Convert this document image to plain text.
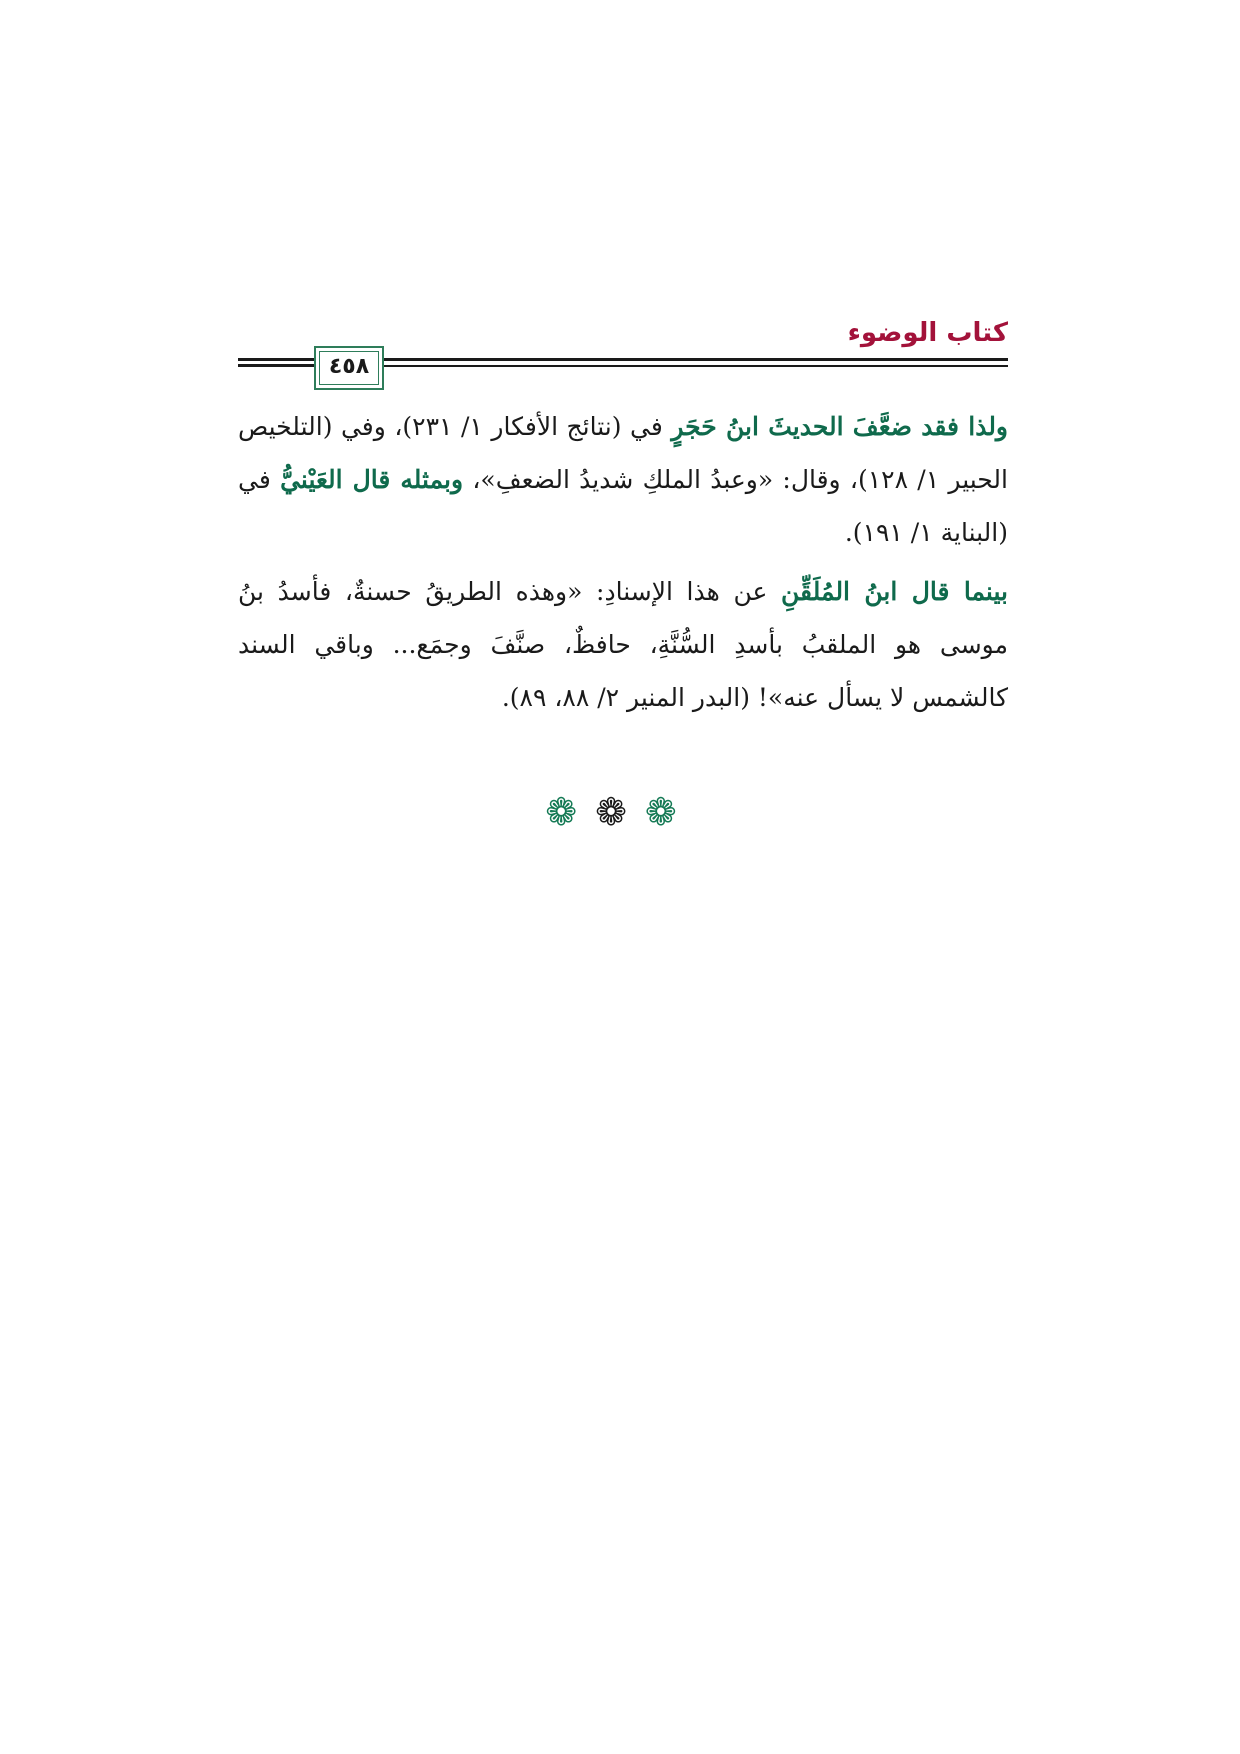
كتاب الوضوء
٤٥٨

ولذا فقد ضعَّفَ الحديثَ ابنُ حَجَرٍ في (نتائج الأفكار ١/ ٢٣١)، وفي (التلخيص الحبير ١/ ١٢٨)، وقال: «وعبدُ الملكِ شديدُ الضعفِ»، وبمثله قال العَيْنيُّ في (البناية ١/ ١٩١).

بينما قال ابنُ المُلَقِّنِ عن هذا الإسنادِ: «وهذه الطريقُ حسنةٌ، فأسدُ بنُ موسى هو الملقبُ بأسدِ السُّنَّةِ، حافظٌ، صنَّفَ وجمَع... وباقي السند كالشمس لا يسأل عنه»! (البدر المنير ٢/ ٨٨، ٨٩).

❁❁❁
